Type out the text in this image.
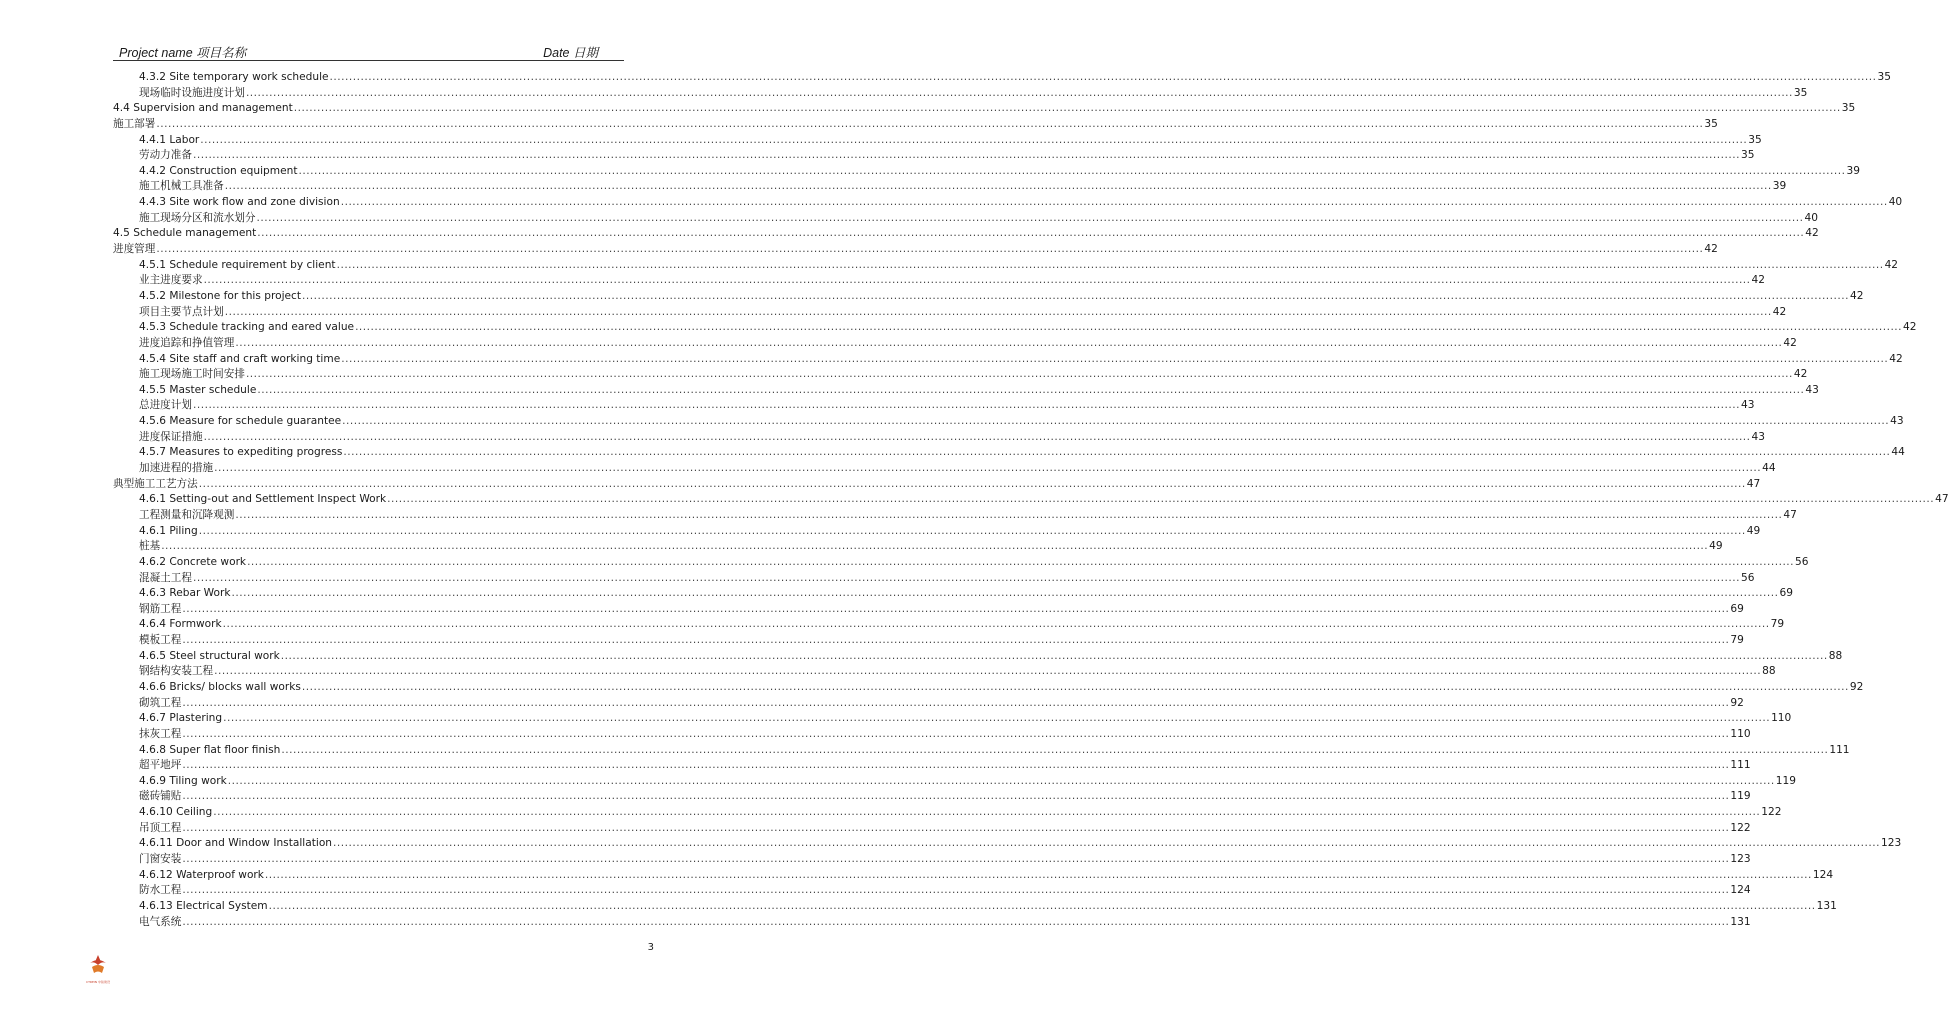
Project name 项目名称	Date 日期
4.3.2 Site temporary work schedule ................................................................................................................................................................................................................................................................................................................................................................................................................ 35
现场临时设施进度计划 ................................................................................................................................................................................................................................................................................................................................................................................................................ 35
4.4 Supervision and management ................................................................................................................................................................................................................................................................................................................................................................................................................ 35
施工部署 ................................................................................................................................................................................................................................................................................................................................................................................................................ 35
4.4.1 Labor ................................................................................................................................................................................................................................................................................................................................................................................................................ 35
劳动力准备 ................................................................................................................................................................................................................................................................................................................................................................................................................ 35
4.4.2 Construction equipment ................................................................................................................................................................................................................................................................................................................................................................................................................ 39
施工机械工具准备 ................................................................................................................................................................................................................................................................................................................................................................................................................ 39
4.4.3 Site work flow and zone division ................................................................................................................................................................................................................................................................................................................................................................................................................ 40
施工现场分区和流水划分 ................................................................................................................................................................................................................................................................................................................................................................................................................ 40
4.5 Schedule management ................................................................................................................................................................................................................................................................................................................................................................................................................ 42
进度管理 ................................................................................................................................................................................................................................................................................................................................................................................................................ 42
4.5.1 Schedule requirement by client ................................................................................................................................................................................................................................................................................................................................................................................................................ 42
业主进度要求 ................................................................................................................................................................................................................................................................................................................................................................................................................ 42
4.5.2 Milestone for this project ................................................................................................................................................................................................................................................................................................................................................................................................................ 42
项目主要节点计划 ................................................................................................................................................................................................................................................................................................................................................................................................................ 42
4.5.3 Schedule tracking and eared value ................................................................................................................................................................................................................................................................................................................................................................................................................ 42
进度追踪和挣值管理 ................................................................................................................................................................................................................................................................................................................................................................................................................ 42
4.5.4 Site staff and craft working time ................................................................................................................................................................................................................................................................................................................................................................................................................ 42
施工现场施工时间安排 ................................................................................................................................................................................................................................................................................................................................................................................................................ 42
4.5.5 Master schedule ................................................................................................................................................................................................................................................................................................................................................................................................................ 43
总进度计划 ................................................................................................................................................................................................................................................................................................................................................................................................................ 43
4.5.6 Measure for schedule guarantee ................................................................................................................................................................................................................................................................................................................................................................................................................ 43
进度保证措施 ................................................................................................................................................................................................................................................................................................................................................................................................................ 43
4.5.7 Measures to expediting progress ................................................................................................................................................................................................................................................................................................................................................................................................................ 44
加速进程的措施 ................................................................................................................................................................................................................................................................................................................................................................................................................ 44
典型施工工艺方法 ................................................................................................................................................................................................................................................................................................................................................................................................................ 47
4.6.1 Setting-out and Settlement Inspect Work ................................................................................................................................................................................................................................................................................................................................................................................................................ 47
工程测量和沉降观测 ................................................................................................................................................................................................................................................................................................................................................................................................................ 47
4.6.1 Piling ................................................................................................................................................................................................................................................................................................................................................................................................................ 49
桩基 ................................................................................................................................................................................................................................................................................................................................................................................................................ 49
4.6.2 Concrete work ................................................................................................................................................................................................................................................................................................................................................................................................................ 56
混凝土工程 ................................................................................................................................................................................................................................................................................................................................................................................................................ 56
4.6.3 Rebar Work ................................................................................................................................................................................................................................................................................................................................................................................................................ 69
钢筋工程 ................................................................................................................................................................................................................................................................................................................................................................................................................ 69
4.6.4 Formwork ................................................................................................................................................................................................................................................................................................................................................................................................................ 79
模板工程 ................................................................................................................................................................................................................................................................................................................................................................................................................ 79
4.6.5 Steel structural work ................................................................................................................................................................................................................................................................................................................................................................................................................ 88
钢结构安装工程 ................................................................................................................................................................................................................................................................................................................................................................................................................ 88
4.6.6 Bricks/ blocks wall works ................................................................................................................................................................................................................................................................................................................................................................................................................ 92
砌筑工程 ................................................................................................................................................................................................................................................................................................................................................................................................................ 92
4.6.7 Plastering ................................................................................................................................................................................................................................................................................................................................................................................................................ 110
抹灰工程 ................................................................................................................................................................................................................................................................................................................................................................................................................ 110
4.6.8 Super flat floor finish ................................................................................................................................................................................................................................................................................................................................................................................................................ 111
超平地坪 ................................................................................................................................................................................................................................................................................................................................................................................................................ 111
4.6.9 Tiling work ................................................................................................................................................................................................................................................................................................................................................................................................................ 119
磁砖铺贴 ................................................................................................................................................................................................................................................................................................................................................................................................................ 119
4.6.10 Ceiling ................................................................................................................................................................................................................................................................................................................................................................................................................ 122
吊顶工程 ................................................................................................................................................................................................................................................................................................................................................................................................................ 122
4.6.11 Door and Window Installation ................................................................................................................................................................................................................................................................................................................................................................................................................ 123
门窗安装 ................................................................................................................................................................................................................................................................................................................................................................................................................ 123
4.6.12 Waterproof work ................................................................................................................................................................................................................................................................................................................................................................................................................ 124
防水工程 ................................................................................................................................................................................................................................................................................................................................................................................................................ 124
4.6.13 Electrical System ................................................................................................................................................................................................................................................................................................................................................................................................................ 131
电气系统 ................................................................................................................................................................................................................................................................................................................................................................................................................ 131
3
CTREIN 中铁建设
